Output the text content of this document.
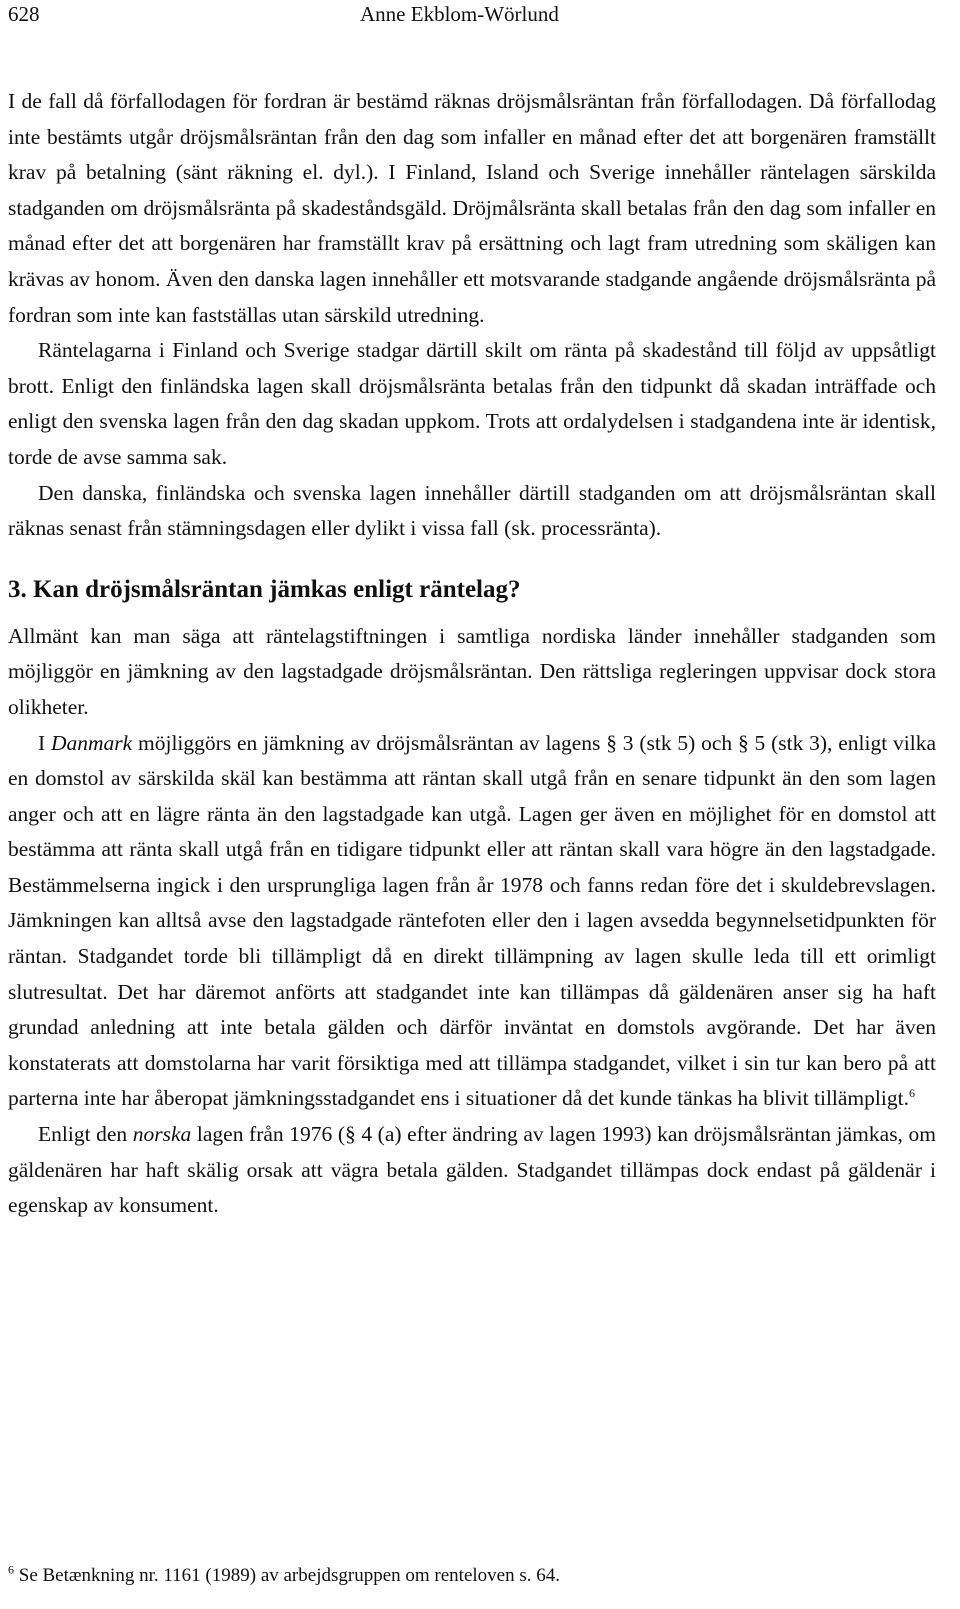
628	Anne Ekblom-Wörlund

I de fall då förfallodagen för fordran är bestämd räknas dröjsmålsräntan från förfallodagen. Då förfallodag inte bestämts utgår dröjsmålsräntan från den dag som infaller en månad efter det att borgenären framställt krav på betalning (sänt räkning el. dyl.). I Finland, Island och Sverige innehåller räntelagen särskilda stadganden om dröjsmålsränta på skadeståndsgäld. Dröjmålsränta skall betalas från den dag som infaller en månad efter det att borgenären har framställt krav på ersättning och lagt fram utredning som skäligen kan krävas av honom. Även den danska lagen innehåller ett motsvarande stadgande angående dröjsmålsränta på fordran som inte kan fastställas utan särskild utredning.

Räntelagarna i Finland och Sverige stadgar därtill skilt om ränta på skadestånd till följd av uppsåtligt brott. Enligt den finländska lagen skall dröjsmålsränta betalas från den tidpunkt då skadan inträffade och enligt den svenska lagen från den dag skadan uppkom. Trots att ordalydelsen i stadgandena inte är identisk, torde de avse samma sak.

Den danska, finländska och svenska lagen innehåller därtill stadganden om att dröjsmålsräntan skall räknas senast från stämningsdagen eller dylikt i vissa fall (sk. processränta).

3. Kan dröjsmålsräntan jämkas enligt räntelag?

Allmänt kan man säga att räntelagstiftningen i samtliga nordiska länder innehåller stadganden som möjliggör en jämkning av den lagstadgade dröjsmålsräntan. Den rättsliga regleringen uppvisar dock stora olikheter.

I Danmark möjliggörs en jämkning av dröjsmålsräntan av lagens § 3 (stk 5) och § 5 (stk 3), enligt vilka en domstol av särskilda skäl kan bestämma att räntan skall utgå från en senare tidpunkt än den som lagen anger och att en lägre ränta än den lagstadgade kan utgå. Lagen ger även en möjlighet för en domstol att bestämma att ränta skall utgå från en tidigare tidpunkt eller att räntan skall vara högre än den lagstadgade. Bestämmelserna ingick i den ursprungliga lagen från år 1978 och fanns redan före det i skuldebrevslagen. Jämkningen kan alltså avse den lagstadgade räntefoten eller den i lagen avsedda begynnelsetidpunkten för räntan. Stadgandet torde bli tillämpligt då en direkt tillämpning av lagen skulle leda till ett orimligt slutresultat. Det har däremot anförts att stadgandet inte kan tillämpas då gäldenären anser sig ha haft grundad anledning att inte betala gälden och därför inväntat en domstols avgörande. Det har även konstaterats att domstolarna har varit försiktiga med att tillämpa stadgandet, vilket i sin tur kan bero på att parterna inte har åberopat jämkningsstadgandet ens i situationer då det kunde tänkas ha blivit tillämpligt.$^6$

Enligt den norska lagen från 1976 (§ 4 (a) efter ändring av lagen 1993) kan dröjsmålsräntan jämkas, om gäldenären har haft skälig orsak att vägra betala gälden. Stadgandet tillämpas dock endast på gäldenär i egenskap av konsument.

$^6$ Se Betænkning nr. 1161 (1989) av arbejdsgruppen om renteloven s. 64.
